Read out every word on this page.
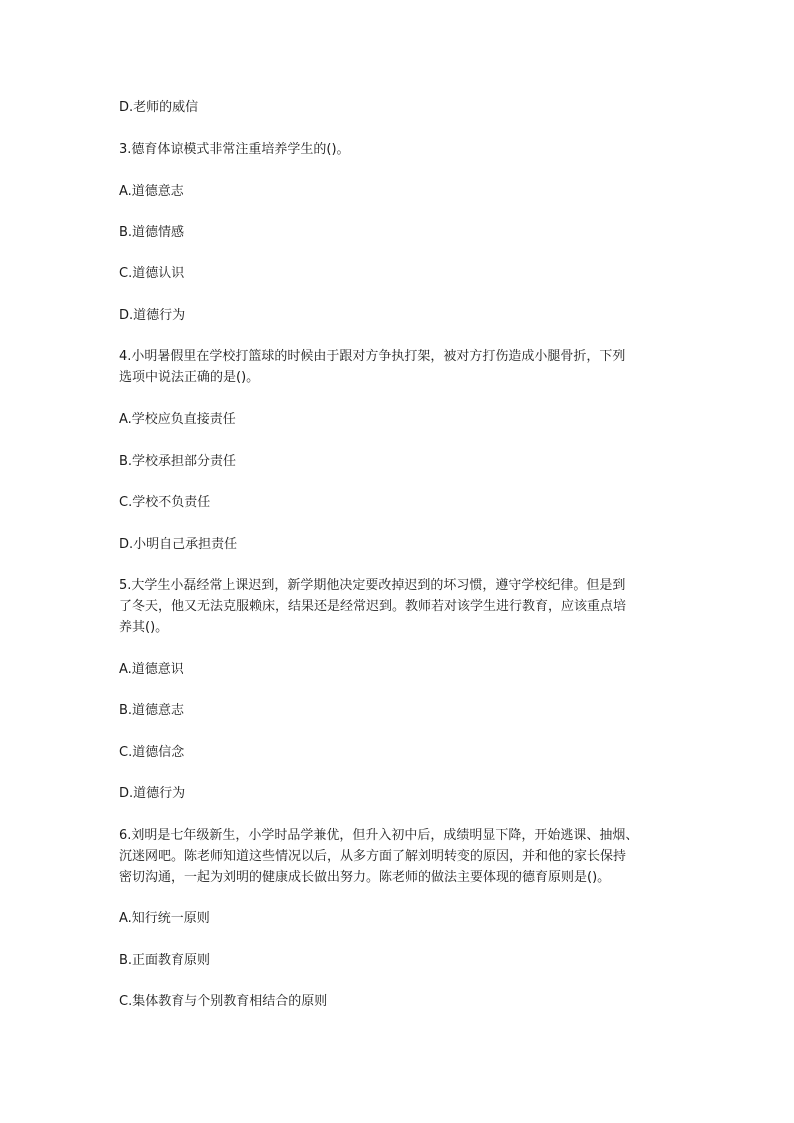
D.老师的威信
3.德育体谅模式非常注重培养学生的()。
A.道德意志
B.道德情感
C.道德认识
D.道德行为
4.小明暑假里在学校打篮球的时候由于跟对方争执打架，被对方打伤造成小腿骨折，下列
选项中说法正确的是()。
A.学校应负直接责任
B.学校承担部分责任
C.学校不负责任
D.小明自己承担责任
5.大学生小磊经常上课迟到，新学期他决定要改掉迟到的坏习惯，遵守学校纪律。但是到
了冬天，他又无法克服赖床，结果还是经常迟到。教师若对该学生进行教育，应该重点培
养其()。
A.道德意识
B.道德意志
C.道德信念
D.道德行为
6.刘明是七年级新生，小学时品学兼优，但升入初中后，成绩明显下降，开始逃课、抽烟、
沉迷网吧。陈老师知道这些情况以后，从多方面了解刘明转变的原因，并和他的家长保持
密切沟通，一起为刘明的健康成长做出努力。陈老师的做法主要体现的德育原则是()。
A.知行统一原则
B.正面教育原则
C.集体教育与个别教育相结合的原则
